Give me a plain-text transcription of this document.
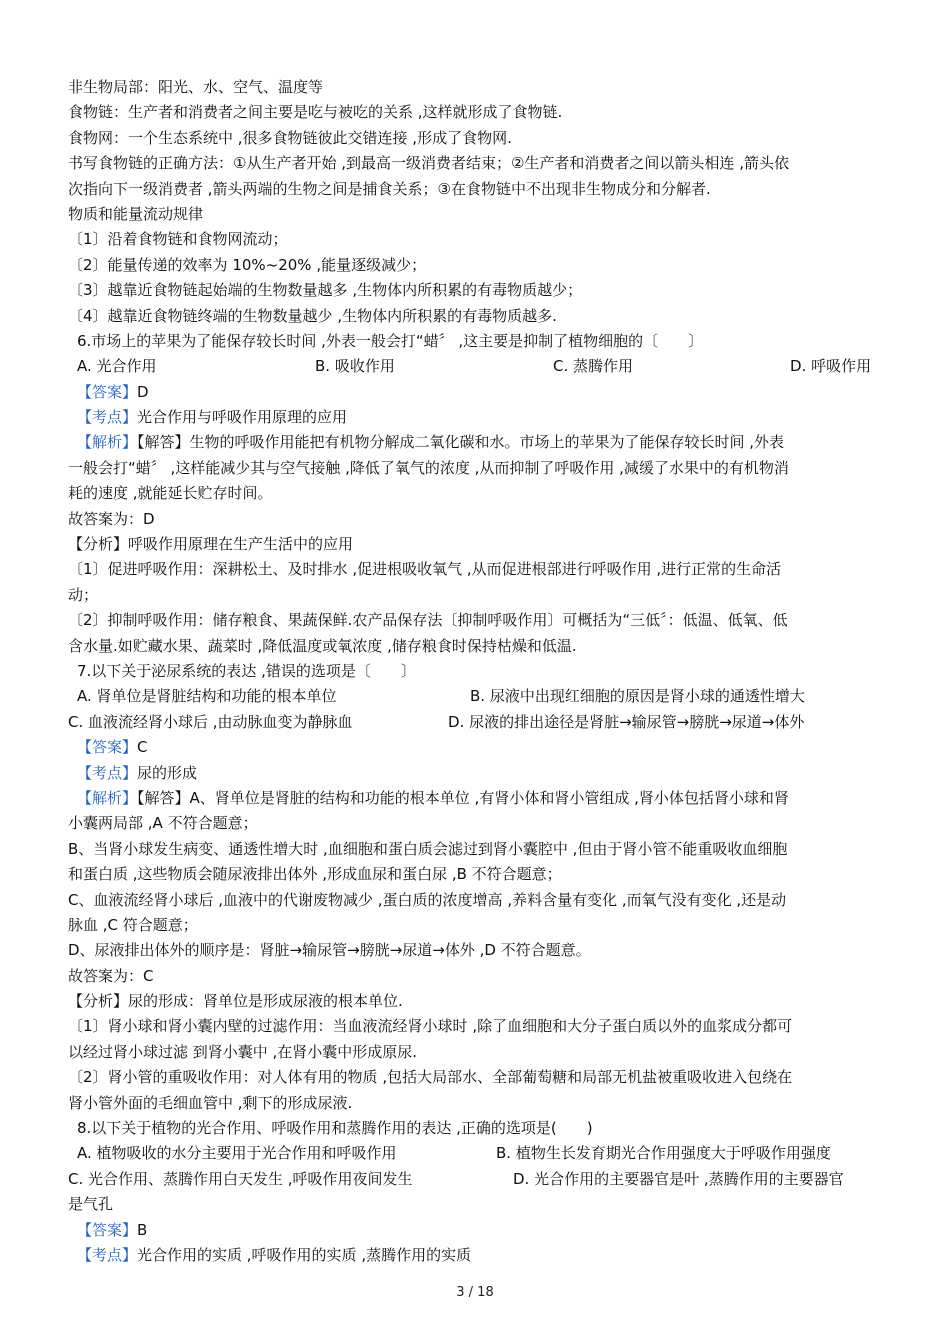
非生物局部：阳光、水、空气、温度等
食物链：生产者和消费者之间主要是吃与被吃的关系 ,这样就形成了食物链.
食物网：一个生态系统中 ,很多食物链彼此交错连接 ,形成了食物网.
书写食物链的正确方法：①从生产者开始 ,到最高一级消费者结束；②生产者和消费者之间以箭头相连 ,箭头依
次指向下一级消费者 ,箭头两端的生物之间是捕食关系；③在食物链中不出现非生物成分和分解者.
物质和能量流动规律
〔1〕沿着食物链和食物网流动；
〔2〕能量传递的效率为 10%~20% ,能量逐级减少；
〔3〕越靠近食物链起始端的生物数量越多 ,生物体内所积累的有毒物质越少；
〔4〕越靠近食物链终端的生物数量越少 ,生物体内所积累的有毒物质越多.
6.市场上的苹果为了能保存较长时间 ,外表一般会打“蜡〞 ,这主要是抑制了植物细胞的〔　　〕
A. 光合作用	B. 吸收作用	C. 蒸腾作用	D. 呼吸作用
【答案】D
【考点】光合作用与呼吸作用原理的应用
【解析】【解答】生物的呼吸作用能把有机物分解成二氧化碳和水。市场上的苹果为了能保存较长时间 ,外表
一般会打“蜡〞 ,这样能减少其与空气接触 ,降低了氧气的浓度 ,从而抑制了呼吸作用 ,减缓了水果中的有机物消
耗的速度 ,就能延长贮存时间。
故答案为：D
【分析】呼吸作用原理在生产生活中的应用
〔1〕促进呼吸作用：深耕松土、及时排水 ,促进根吸收氧气 ,从而促进根部进行呼吸作用 ,进行正常的生命活
动；
〔2〕抑制呼吸作用：储存粮食、果蔬保鲜.农产品保存法〔抑制呼吸作用〕可概括为“三低〞：低温、低氧、低
含水量.如贮藏水果、蔬菜时 ,降低温度或氧浓度 ,储存粮食时保持枯燥和低温.
7.以下关于泌尿系统的表达 ,错误的选项是〔　　〕
A. 肾单位是肾脏结构和功能的根本单位	B. 尿液中出现红细胞的原因是肾小球的通透性增大
C. 血液流经肾小球后 ,由动脉血变为静脉血	D. 尿液的排出途径是肾脏→输尿管→膀胱→尿道→体外
【答案】C
【考点】尿的形成
【解析】【解答】A、肾单位是肾脏的结构和功能的根本单位 ,有肾小体和肾小管组成 ,肾小体包括肾小球和肾
小囊两局部 ,A 不符合题意；
B、当肾小球发生病变、通透性增大时 ,血细胞和蛋白质会滤过到肾小囊腔中 ,但由于肾小管不能重吸收血细胞
和蛋白质 ,这些物质会随尿液排出体外 ,形成血尿和蛋白尿 ,B 不符合题意；
C、血液流经肾小球后 ,血液中的代谢废物减少 ,蛋白质的浓度增高 ,养料含量有变化 ,而氧气没有变化 ,还是动
脉血 ,C 符合题意；
D、尿液排出体外的顺序是：肾脏→输尿管→膀胱→尿道→体外 ,D 不符合题意。
故答案为：C
【分析】尿的形成：肾单位是形成尿液的根本单位.
〔1〕肾小球和肾小囊内壁的过滤作用：当血液流经肾小球时 ,除了血细胞和大分子蛋白质以外的血浆成分都可
以经过肾小球过滤 到肾小囊中 ,在肾小囊中形成原尿.
〔2〕肾小管的重吸收作用：对人体有用的物质 ,包括大局部水、全部葡萄糖和局部无机盐被重吸收进入包绕在
肾小管外面的毛细血管中 ,剩下的形成尿液.
8.以下关于植物的光合作用、呼吸作用和蒸腾作用的表达 ,正确的选项是(　　)
A. 植物吸收的水分主要用于光合作用和呼吸作用	B. 植物生长发育期光合作用强度大于呼吸作用强度
C. 光合作用、蒸腾作用白天发生 ,呼吸作用夜间发生	D. 光合作用的主要器官是叶 ,蒸腾作用的主要器官
是气孔
【答案】B
【考点】光合作用的实质 ,呼吸作用的实质 ,蒸腾作用的实质
3 / 18
